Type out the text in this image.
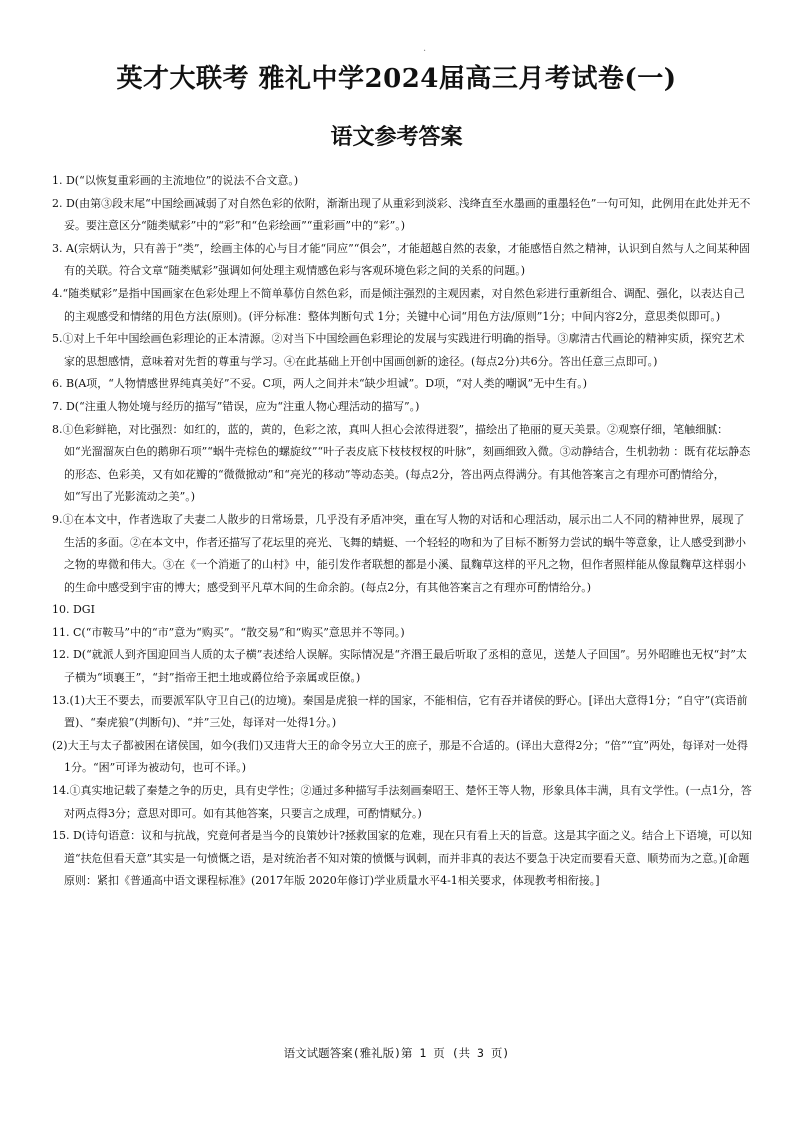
英才大联考 雅礼中学2024届高三月考试卷(一)
·
语文参考答案

1. D(“以恢复重彩画的主流地位”的说法不合文意。)

2. D(由第③段末尾“中国绘画减弱了对自然色彩的依附，渐渐出现了从重彩到淡彩、浅绛直至水墨画的重墨轻色”一句可知，此例用在此处并无不妥。要注意区分“随类赋彩”中的“彩”和“色彩绘画”“重彩画”中的“彩”。)

3. A(宗炳认为，只有善于“类”，绘画主体的心与目才能“同应”“俱会”，才能超越自然的表象，才能感悟自然之精神，认识到自然与人之间某种固有的关联。符合文章“随类赋彩”强调如何处理主观情感色彩与客观环境色彩之间的关系的问题。)

4.“随类赋彩”是指中国画家在色彩处理上不简单摹仿自然色彩，而是倾注强烈的主观因素，对自然色彩进行重新组合、调配、强化，以表达自己的主观感受和情绪的用色方法(原则)。(评分标准：整体判断句式 1分；关键中心词“用色方法/原则”1分；中间内容2分，意思类似即可。)

5.①对上千年中国绘画色彩理论的正本清源。②对当下中国绘画色彩理论的发展与实践进行明确的指导。③廓清古代画论的精神实质，探究艺术家的思想感情，意味着对先哲的尊重与学习。④在此基础上开创中国画创新的途径。(每点2分)共6分。答出任意三点即可。)

6. B(A项，“人物情感世界纯真美好”不妥。C项，两人之间并未“缺少坦诚”。D项，“对人类的嘲讽”无中生有。)

7. D(“注重人物处境与经历的描写”错误，应为“注重人物心理活动的描写”。)

8.①色彩鲜艳，对比强烈：如红的，蓝的，黄的，色彩之浓，真叫人担心会浓得迸裂”，描绘出了艳丽的夏天美景。②观察仔细，笔触细腻：如“光溜溜灰白色的鹅卵石项”“蜗牛壳棕色的螺旋纹”“叶子表皮底下枝枝杈杈的叶脉”，刻画细致入微。③动静结合，生机勃勃 ：既有花坛静态的形态、色彩美，又有如花瓣的“微微掀动”和“亮光的移动”等动态美。(每点2分，答出两点得满分。有其他答案言之有理亦可酌情给分，如“写出了光影流动之美”。)

9.①在本文中，作者选取了夫妻二人散步的日常场景，几乎没有矛盾冲突，重在写人物的对话和心理活动，展示出二人不同的精神世界，展现了生活的多面。②在本文中，作者还描写了花坛里的亮光、飞舞的蜻蜓、一个轻轻的吻和为了目标不断努力尝试的蜗牛等意象，让人感受到渺小之物的卑微和伟大。③在《一个消逝了的山村》中，能引发作者联想的都是小溪、鼠麴草这样的平凡之物，但作者照样能从像鼠麴草这样弱小的生命中感受到宇宙的博大；感受到平凡草木间的生命余韵。(每点2分，有其他答案言之有理亦可酌情给分。)

10. DGI

11. C(“市鞍马”中的“市”意为“购买”。“散交易”和“购买”意思并不等同。)

12. D(“就派人到齐国迎回当人质的太子横”表述给人误解。实际情况是“齐湣王最后听取了丞相的意见，送楚人子回国”。另外昭睢也无权“封”太子横为“顷襄王”，“封”指帝王把土地或爵位给予亲属或臣僚。)

13.(1)大王不要去，而要派军队守卫自己(的边境)。秦国是虎狼一样的国家，不能相信，它有吞并诸侯的野心。[译出大意得1分；“自守”(宾语前置)、“秦虎狼”(判断句)、“并”三处，每译对一处得1分。)

(2)大王与太子都被困在诸侯国，如今(我们)又违背大王的命令另立大王的庶子，那是不合适的。(译出大意得2分；“倍”“宜”两处，每译对一处得1分。“困”可译为被动句，也可不译。)

14.①真实地记载了秦楚之争的历史，具有史学性；②通过多种描写手法刻画秦昭王、楚怀王等人物，形象具体丰满，具有文学性。(一点1分，答对两点得3分；意思对即可。如有其他答案，只要言之成理，可酌情赋分。)

15. D(诗句语意：议和与抗战，究竟何者是当今的良策妙计?拯救国家的危难，现在只有看上天的旨意。这是其字面之义。结合上下语境，可以知道“扶危但看天意”其实是一句愤慨之语，是对统治者不知对策的愤慨与讽刺，而并非真的表达不要急于决定而要看天意、顺势而为之意。)[命题原则：紧扣《普通高中语文课程标准》(2017年版 2020年修订)学业质量水平4-1相关要求，体现教考相衔接。]

语文试题答案(雅礼版)第 1 页 (共 3 页)
